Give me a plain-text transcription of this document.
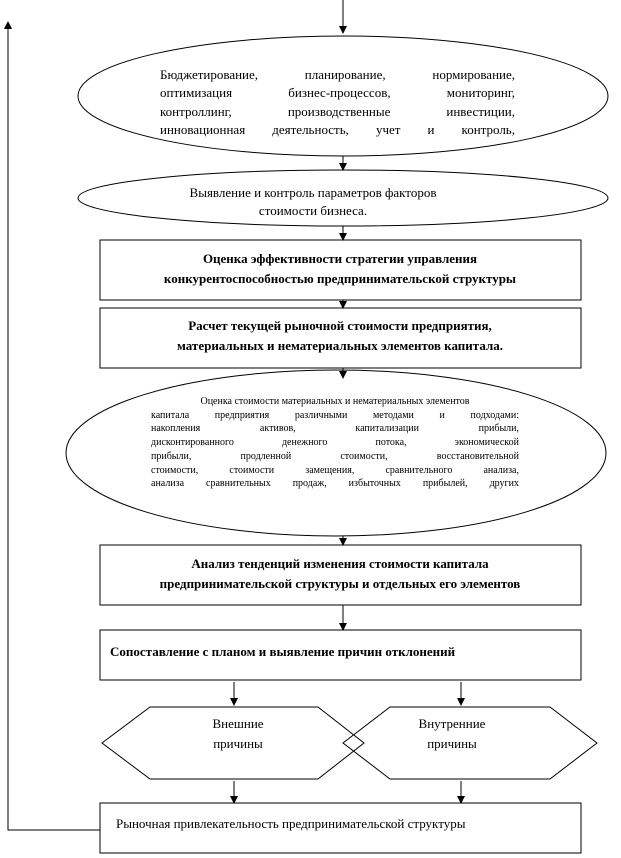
Бюджетирование, планирование, нормирование,
оптимизация бизнес-процессов, мониторинг,
контроллинг, производственные инвестиции,
инновационная деятельность, учет и контроль,
Выявление и контроль параметров факторов
стоимости бизнеса.
Оценка эффективности стратегии управления
конкурентоспособностью предпринимательской структуры
Расчет текущей рыночной стоимости предприятия,
материальных и нематериальных элементов капитала.
Оценка стоимости материальных и нематериальных элементов
капитала предприятия различными методами и подходами:
накопления активов, капитализации прибыли,
дисконтированного денежного потока, экономической
прибыли, продленной стоимости, восстановительной
стоимости, стоимости замещения, сравнительного анализа,
анализа сравнительных продаж, избыточных прибылей, других
Анализ тенденций изменения стоимости капитала
предпринимательской структуры и отдельных его элементов
Сопоставление с планом и выявление причин отклонений
Внешние
причины
Внутренние
причины
Рыночная привлекательность предпринимательской структуры
